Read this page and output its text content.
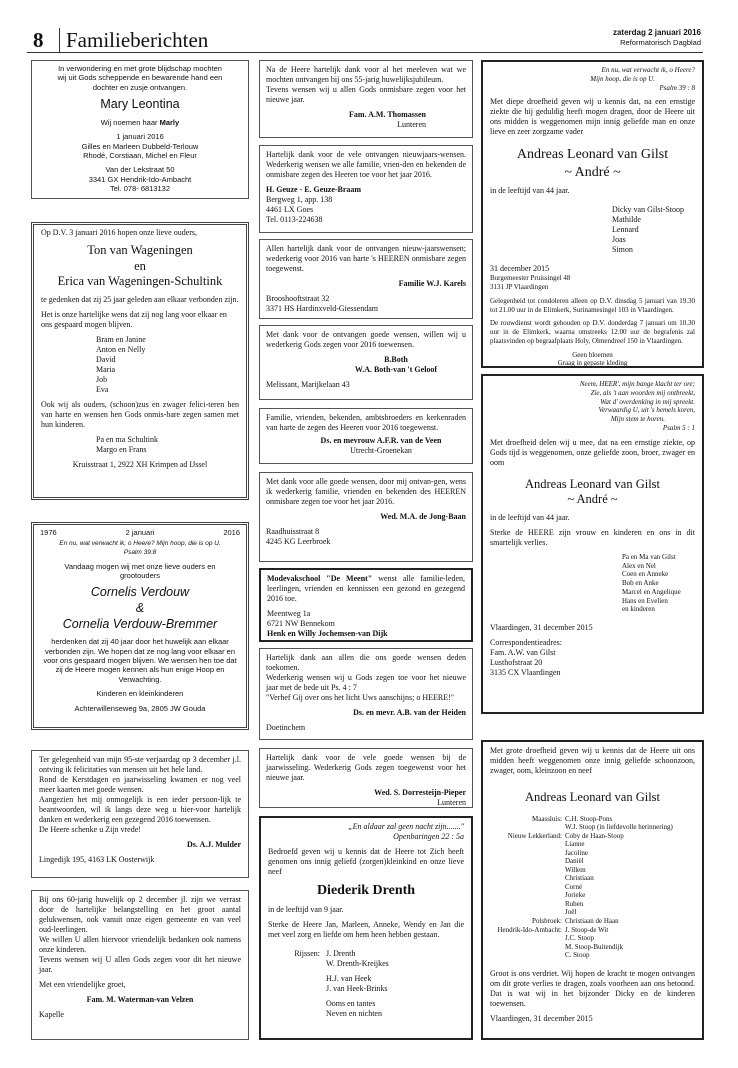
8	Familieberichten	zaterdag 2 januari 2016
Reformatorisch Dagblad

In verwondering en met grote blijdschap mochten

wij uit Gods scheppende en bewarende hand een

dochter en zusje ontvangen.

Mary Leontina

Wij noemen haar Marly

1 januari 2016

Gilles en Marleen Dubbeld-Terlouw

Rhodé, Corstiaan, Michel en Fleur

Van der Lekstraat 50

3341 GX Hendrik-Ido-Ambacht

Tel. 078- 6813132

Op D.V. 3 januari 2016 hopen onze lieve ouders,

Ton van Wageningen

en

Erica van Wageningen-Schultink

te gedenken dat zij 25 jaar geleden aan elkaar verbonden zijn.

Het is onze hartelijke wens dat zij nog lang voor elkaar en ons gespaard mogen blijven.

Bram en Janine

Anton en Nelly

David

Maria

Job

Eva

Ook wij als ouders, (schoon)zus en zwager felici-teren hen van harte en wensen hen Gods onmis-bare zegen samen met hun kinderen.

Pa en ma Schultink

Margo en Frans

Kruisstraat 1, 2922 XH Krimpen ad IJssel

1976	2 januari	2016

En nu, wat verwacht ik, o Heere? Mijn hoop, die is op U.

Psalm 39:8

Vandaag mogen wij met onze lieve ouders en

grootouders

Cornelis Verdouw

&

Cornelia Verdouw-Bremmer

herdenken dat zij 40 jaar door het huwelijk aan elkaar verbonden zijn. We hopen dat ze nog lang voor elkaar en voor ons gespaard mogen blijven. We wensen hen toe dat zij de Heere mogen kennen als hun enige Hoop en Verwachting.

Kinderen en kleinkinderen

Achterwillenseweg 9a, 2805 JW Gouda

Ter gelegenheid van mijn 95-ste verjaardag op 3 december j.l. ontving ik felicitaties van mensen uit het hele land.

Rond de Kerstdagen en jaarwisseling kwamen er nog veel meer kaarten met goede wensen.

Aangezien het mij onmogelijk is een ieder persoon-lijk te beantwoorden, wil ik langs deze weg u hier-voor hartelijk danken en wederkerig een gezegend 2016 toewensen.

De Heere schenke u Zijn vrede!

Ds. A.J. Mulder

Lingedijk 195, 4163 LK Oosterwijk

Bij ons 60-jarig huwelijk op 2 december jl. zijn we verrast door de hartelijke belangstelling en het groot aantal gelukwensen, ook vanuit onze eigen gemeente en van veel oud-leerlingen.

We willen U allen hiervoor vriendelijk bedanken ook namens onze kinderen.

Tevens wensen wij U allen Gods zegen voor dit het nieuwe jaar.

Met een vriendelijke groet,

Fam. M. Waterman-van Velzen

Kapelle

Na de Heere hartelijk dank voor al het meeleven wat we mochten ontvangen bij ons 55-jarig huwelijksjubileum.

Tevens wensen wij u allen Gods onmisbare zegen voor het nieuwe jaar.

Fam. A.M. Thomassen

Lunteren

Hartelijk dank voor de vele ontvangen nieuwjaars-wensen. Wederkerig wensen we alle familie, vrien-den en bekenden de onmisbare zegen des Heeren toe voor het jaar 2016.

H. Geuze - E. Geuze-Braam

Bergweg 1, app. 138

4461 LX Goes

Tel. 0113-224638

Allen hartelijk dank voor de ontvangen nieuw-jaarswensen; wederkerig voor 2016 van harte 's HEEREN onmisbare zegen toegewenst.

Familie W.J. Karels

Brooshooftstraat 32

3371 HS Hardinxveld-Giessendam

Met dank voor de ontvangen goede wensen, willen wij u wederkerig Gods zegen voor 2016 toewensen.

B.Both

W.A. Both-van 't Geloof

Melissant, Marijkelaan 43

Familie, vrienden, bekenden, ambtsbroeders en kerkenraden van harte de zegen des Heeren voor 2016 toegewenst.

Ds. en mevrouw A.F.R. van de Veen

Utrecht-Groenekan

Met dank voor alle goede wensen, door mij ontvan-gen, wens ik wederkerig familie, vrienden en bekenden des HEEREN onmisbare zegen toe voor het jaar 2016.

Wed. M.A. de Jong-Baan

Raadhuisstraat 8

4245 KG Leerbroek

Modevakschool "De Meent" wenst alle familie-leden, leerlingen, vrienden en kennissen een gezond en gezegend 2016 toe.

Meentweg 1a

6721 NW Bennekom

Henk en Willy Jochemsen-van Dijk

Hartelijk dank aan allen die ons goede wensen deden toekomen.

Wederkerig wensen wij u Gods zegen toe voor het nieuwe jaar met de bede uit Ps. 4 : 7

"Verhef Gij over ons het licht Uws aanschijns; o HEERE!"

Ds. en mevr. A.B. van der Heiden

Doetinchem

Hartelijk dank voor de vele goede wensen bij de jaarwisseling. Wederkerig Gods zegen toegewenst voor het nieuwe jaar.

Wed. S. Dorresteijn-Pieper

Lunteren

„En aldaar zal geen nacht zijn......."

Openbaringen 22 : 5a

Bedroefd geven wij u kennis dat de Heere tot Zich heeft genomen ons innig geliefd (zorgen)kleinkind en onze lieve neef

Diederik Drenth

in de leeftijd van 9 jaar.

Sterke de Heere Jan, Marleen, Anneke, Wendy en Jan die met veel zorg en liefde om hem heen hebben gestaan.

Rijssen: J. Drenth

W. Drenth-Kreijkes

H.J. van Heek

J. van Heek-Brinks

Ooms en tantes

Neven en nichten

En nu, wat verwacht ik, o Heere?

Mijn hoop, die is op U.

Psalm 39 : 8

Met diepe droefheid geven wij u kennis dat, na een ernstige ziekte die hij geduldig heeft mogen dragen, door de Heere uit ons midden is weggenomen mijn innig geliefde man en onze lieve en zeer zorgzame vader

Andreas Leonard van Gilst

~ André ~

in de leeftijd van 44 jaar.

Dicky van Gilst-Stoop

Mathilde

Lennard

Joas

Simon

31 december 2015

Burgemeester Pruissingel 48

3131 JP Vlaardingen

Gelegenheid tot condoleren alleen op D.V. dinsdag 5 januari van 19.30 tot 21.00 uur in de Elimkerk, Surinamesingel 103 in Vlaardingen.

De rouwdienst wordt gehouden op D.V. donderdag 7 januari om 10.30 uur in de Elimkerk, waarna omstreeks 12.00 uur de begrafenis zal plaatsvinden op begraafplaats Holy, Olmendreef 150 in Vlaardingen.

Geen bloemen

Graag in gepaste kleding

Neem, HEER', mijn bange klacht ter ore;

Zie, als 't aan woorden mij ontbreekt,

Wat d' overdenking in mij spreekt.

Verwaardig U, uit 's hemels koren,

Mijn stem te horen.

Psalm 5 : 1

Met droefheid delen wij u mee, dat na een ernstige ziekte, op Gods tijd is weggenomen, onze geliefde zoon, broer, zwager en oom

Andreas Leonard van Gilst

~ André ~

in de leeftijd van 44 jaar.

Sterke de HEERE zijn vrouw en kinderen en ons in dit smartelijk verlies.

Pa en Ma van Gilst

Alex en Nel

Coen en Anneke

Bob en Anke

Marcel en Angelique

Hans en Evelien

en kinderen

Vlaardingen, 31 december 2015

Correspondentieadres:

Fam. A.W. van Gilst

Lusthofstraat 20

3135 CX Vlaardingen

Met grote droefheid geven wij u kennis dat de Heere uit ons midden heeft weggenomen onze innig geliefde schoonzoon, zwager, oom, kleinzoon en neef

Andreas Leonard van Gilst

Maassluis: C.H. Stoop-Pons
W.J. Stoop (in liefdevolle herinnering)
Nieuw Lekkerland: Coby de Haan-Stoop
Lianne
Jacoline
Daniël
Willem
Christiaan
Corné
Jorieke
Ruben
Joël
Polsbroek: Christiaan de Haan
Hendrik-Ido-Ambacht: J. Stoop-de Wit
J.C. Stoop
M. Stoop-Buitendijk
C. Stoop

Groot is ons verdriet. Wij hopen de kracht te mogen ontvangen om dit grote verlies te dragen, zoals voorheen aan ons betoond. Dat is wat wij in het bijzonder Dicky en de kinderen toewensen.

Vlaardingen, 31 december 2015
